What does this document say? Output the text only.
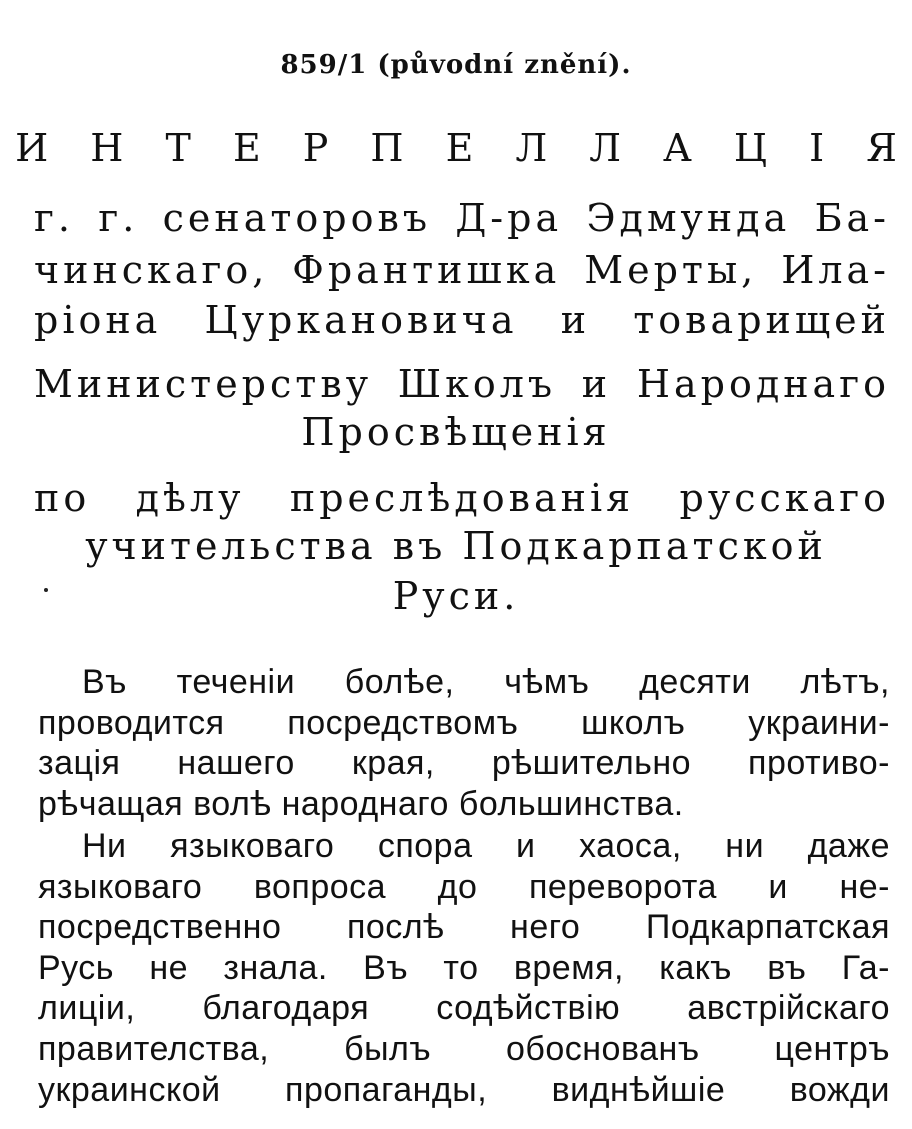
859/1 (původní znění).
И Н Т Е Р П Е Л Л А Ц І Я
г. г. сенаторовъ Д-ра Эдмунда Ба-
чинскаго, Франтишка Мерты, Ила-
ріона Цуркановича и товарищей
Министерству Школъ и Народнаго
Просвѣщенія
по дѣлу преслѣдованія русскаго
учительства въ Подкарпатской
Руси.
Въ теченіи болѣе, чѣмъ десяти лѣтъ,
проводится посредствомъ школъ украини-
зація нашего края, рѣшительно противо-
рѣчащая волѣ народнаго большинства.
Ни языковаго спора и хаоса, ни даже
языковаго вопроса до переворота и не-
посредственно послѣ него Подкарпатская
Русь не знала. Въ то время, какъ въ Га-
лиціи, благодаря содѣйствію австрійскаго
правителства, былъ обоснованъ центръ
украинской пропаганды, виднѣйшіе вожди
